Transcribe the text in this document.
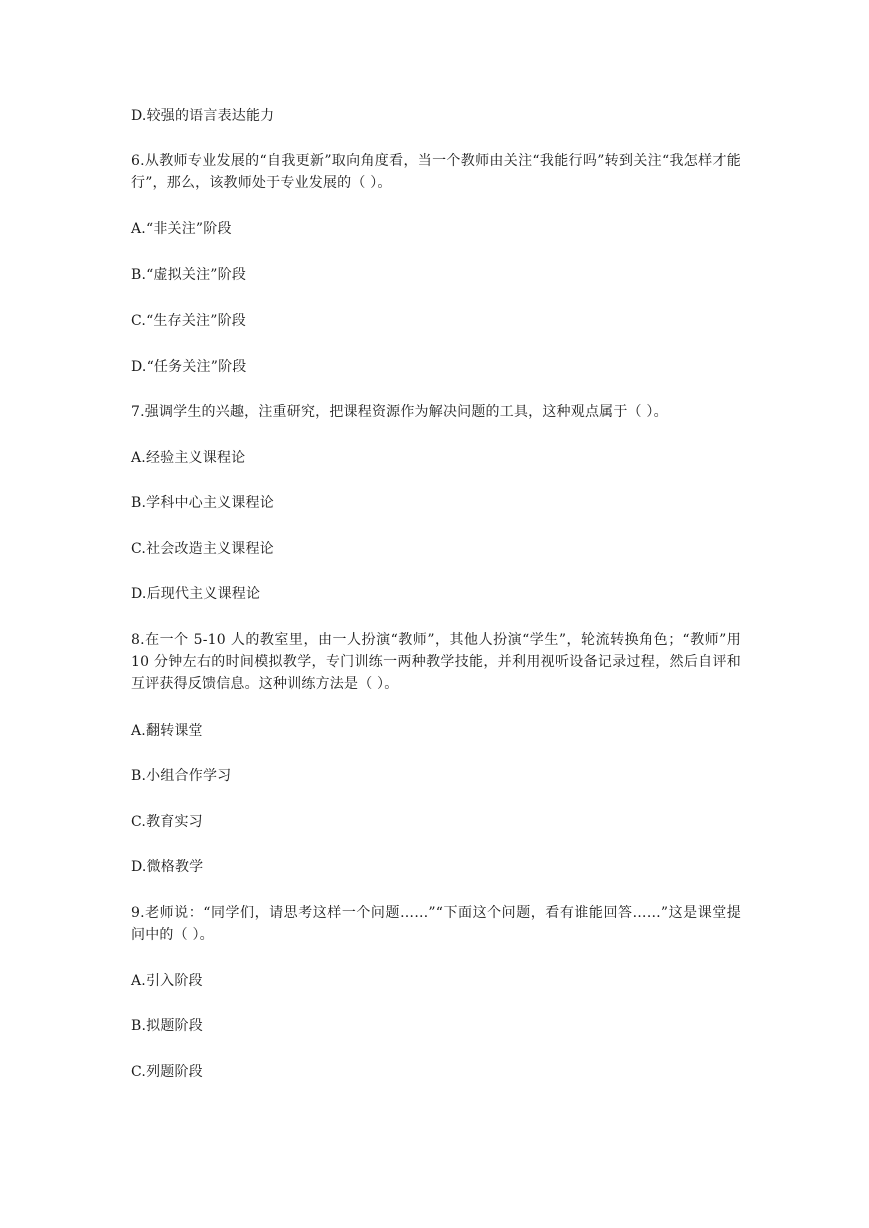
D.较强的语言表达能力
6.从教师专业发展的“自我更新”取向角度看，当一个教师由关注“我能行吗”转到关注“我怎样才能行”，那么，该教师处于专业发展的（ ）。
A.“非关注”阶段
B.“虚拟关注”阶段
C.“生存关注”阶段
D.“任务关注”阶段
7.强调学生的兴趣，注重研究，把课程资源作为解决问题的工具，这种观点属于（ ）。
A.经验主义课程论
B.学科中心主义课程论
C.社会改造主义课程论
D.后现代主义课程论
8.在一个 5-10 人的教室里，由一人扮演“教师”，其他人扮演“学生”，轮流转换角色；“教师”用 10 分钟左右的时间模拟教学，专门训练一两种教学技能，并利用视听设备记录过程，然后自评和互评获得反馈信息。这种训练方法是（ ）。
A.翻转课堂
B.小组合作学习
C.教育实习
D.微格教学
9.老师说：“同学们，请思考这样一个问题……”“下面这个问题，看有谁能回答……”这是课堂提问中的（ ）。
A.引入阶段
B.拟题阶段
C.列题阶段
